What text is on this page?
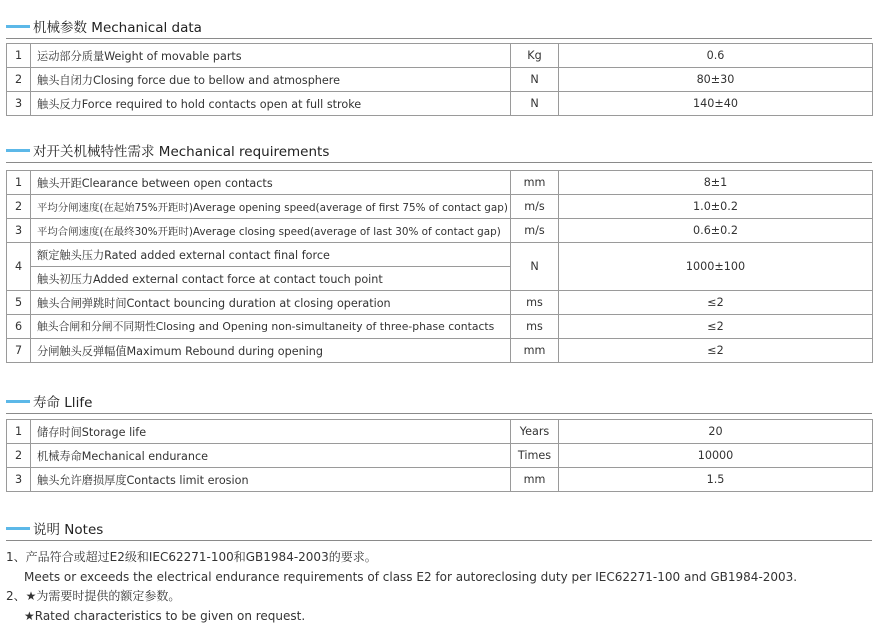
机械参数 Mechanical data
1	运动部分质量Weight of movable parts	Kg	0.6
2	触头自闭力Closing force due to bellow and atmosphere	N	80±30
3	触头反力Force required to hold contacts open at full stroke	N	140±40
对开关机械特性需求 Mechanical requirements
1	触头开距Clearance between open contacts	mm	8±1
2	平均分闸速度(在起始75%开距时)Average opening speed(average of first 75% of contact gap)	m/s	1.0±0.2
3	平均合闸速度(在最终30%开距时)Average closing speed(average of last 30% of contact gap)	m/s	0.6±0.2
4	额定触头压力Rated added external contact final force	N	1000±100
	触头初压力Added external contact force at contact touch point		
5	触头合闸弹跳时间Contact bouncing duration at closing operation	ms	≤2
6	触头合闸和分闸不同期性Closing and Opening non-simultaneity of three-phase contacts	ms	≤2
7	分闸触头反弹幅值Maximum Rebound during opening	mm	≤2
寿命 Llife
1	储存时间Storage life	Years	20
2	机械寿命Mechanical endurance	Times	10000
3	触头允许磨损厚度Contacts limit erosion	mm	1.5
说明 Notes
1、产品符合或超过E2级和IEC62271-100和GB1984-2003的要求。
Meets or exceeds the electrical endurance requirements of class E2 for autoreclosing duty per IEC62271-100 and GB1984-2003.
2、★为需要时提供的额定参数。
★Rated characteristics to be given on request.
